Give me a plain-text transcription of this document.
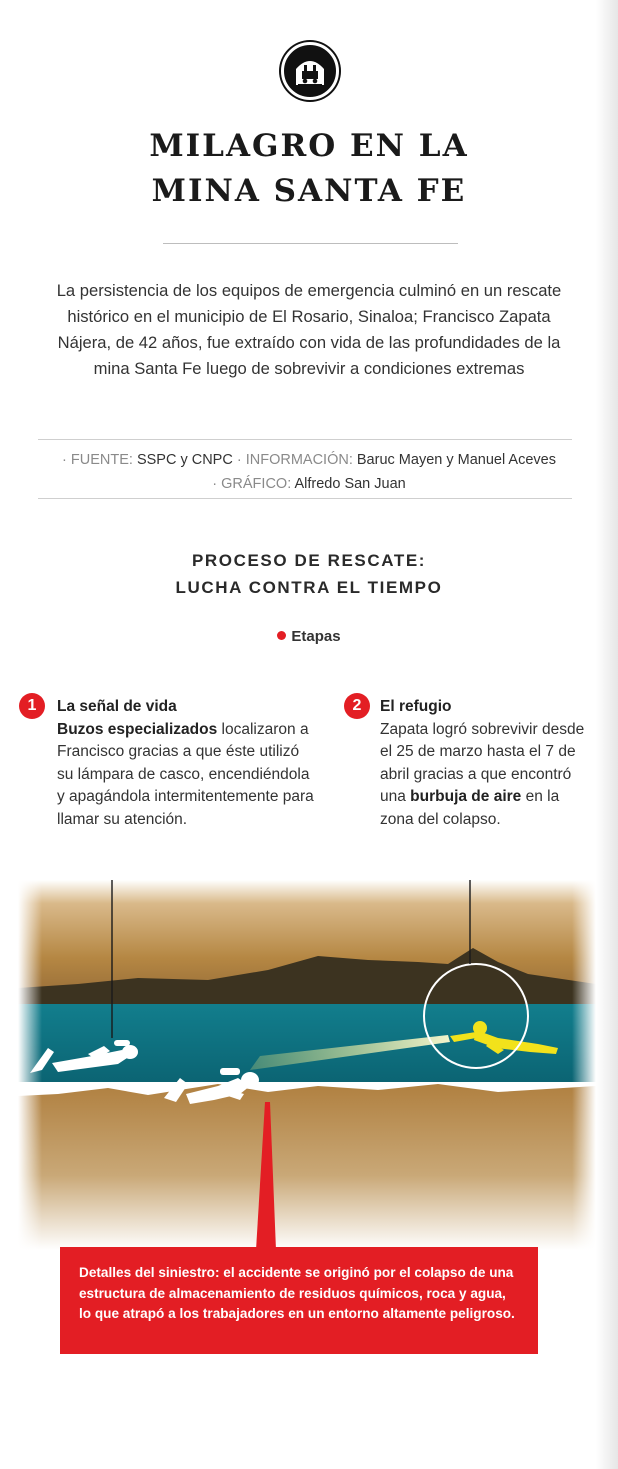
MILAGRO EN LA
MINA SANTA FE

La persistencia de los equipos de emergencia culminó en un rescate histórico en el municipio de El Rosario, Sinaloa; Francisco Zapata Nájera, de 42 años, fue extraído con vida de las profundidades de la mina Santa Fe luego de sobrevivir a condiciones extremas

· FUENTE: SSPC y CNPC · INFORMACIÓN: Baruc Mayen y Manuel Aceves
· GRÁFICO: Alfredo San Juan
PROCESO DE RESCATE:
LUCHA CONTRA EL TIEMPO
Etapas
1	La señal de vida
Buzos especializados localizaron a Francisco gracias a que éste utilizó su lámpara de casco, encendiéndola y apagándola intermitentemente para llamar su atención.
2	El refugio
Zapata logró sobrevivir desde el 25 de marzo hasta el 7 de abril gracias a que encontró una burbuja de aire en la zona del colapso.
Detalles del siniestro: el accidente se originó por el colapso de una estructura de almacenamiento de residuos químicos, roca y agua, lo que atrapó a los trabajadores en un entorno altamente peligroso.
